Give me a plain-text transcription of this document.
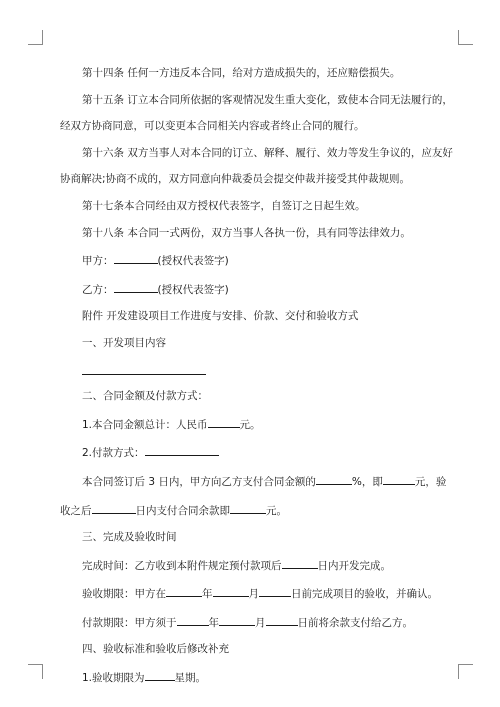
第十四条 任何一方违反本合同，给对方造成损失的，还应赔偿损失。

第十五条 订立本合同所依据的客观情况发生重大变化，致使本合同无法履行的，

经双方协商同意，可以变更本合同相关内容或者终止合同的履行。

第十六条 双方当事人对本合同的订立、解释、履行、效力等发生争议的，应友好

协商解决;协商不成的，双方同意向仲裁委员会提交仲裁并接受其仲裁规则。

第十七条本合同经由双方授权代表签字，自签订之日起生效。

第十八条 本合同一式两份，双方当事人各执一份，具有同等法律效力。

甲方：	(授权代表签字)

乙方：	(授权代表签字)

附件 开发建设项目工作进度与安排、价款、交付和验收方式

一、开发项目内容

二、合同金额及付款方式：

1.本合同金额总计：人民币	元。

2.付款方式：

本合同签订后 3 日内，甲方向乙方支付合同金额的	%，即	元，验

收之后	日内支付合同余款即	元。

三、完成及验收时间

完成时间：乙方收到本附件规定预付款项后	日内开发完成。

验收期限：甲方在	年	月	日前完成项目的验收，并确认。

付款期限：甲方须于	年	月	日前将余款支付给乙方。

四、验收标准和验收后修改补充

1.验收期限为	星期。
